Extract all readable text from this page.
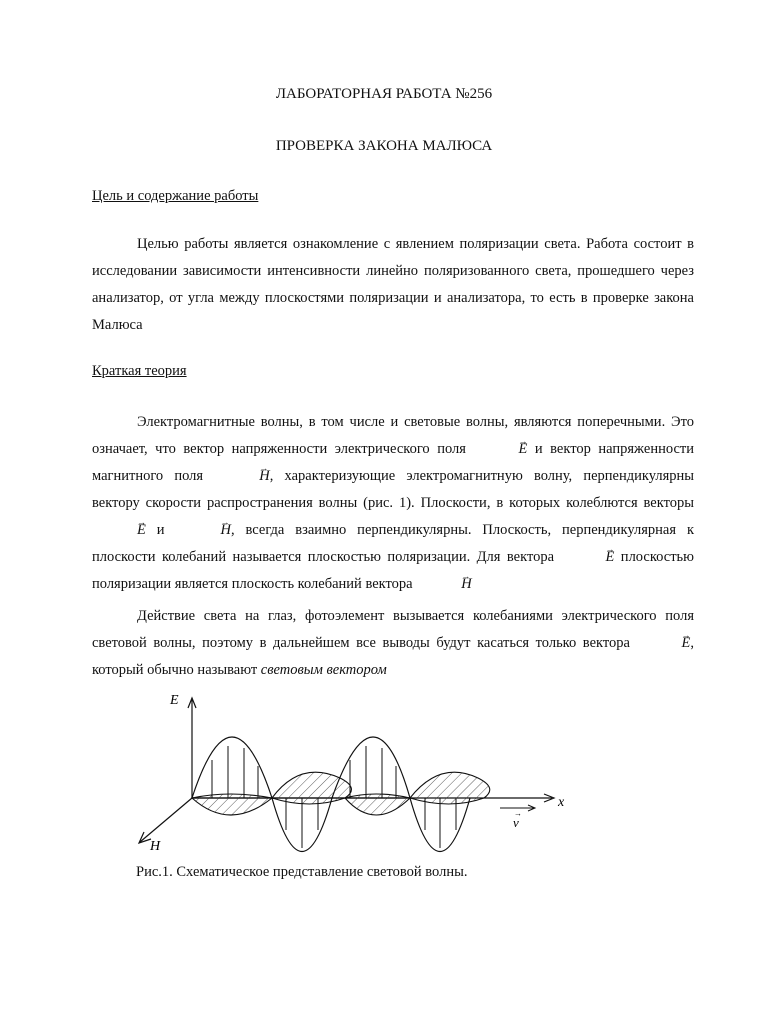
ЛАБОРАТОРНАЯ РАБОТА №256
ПРОВЕРКА ЗАКОНА МАЛЮСА
Цель и содержание работы

Целью работы является ознакомление с явлением поляризации света. Работа состоит в исследовании зависимости интенсивности линейно поляризованного света, прошедшего через анализатор, от угла между плоскостями поляризации и анализатора, то есть в проверке закона Малюса

Краткая теория

Электромагнитные волны, в том числе и световые волны, являются поперечными. Это означает, что вектор напряженности электрического поля	→ E и вектор напряженности магнитного поля	→ H, характеризующие электромагнитную волну, перпендикулярны вектору скорости распространения волны (рис. 1). Плоскости, в которых колеблются векторы → E и	→ H, всегда взаимно перпендикулярны. Плоскость, перпендикулярная к плоскости колебаний называется плоскостью поляризации. Для вектора	→ E плоскостью поляризации является плоскость колебаний вектора	→ H

Действие света на глаз, фотоэлемент вызывается колебаниями электрического поля световой волны, поэтому в дальнейшем все выводы будут касаться только вектора	→ E, который обычно называют световым вектором

E
x
H
v
→
Рис.1. Схематическое представление световой волны.
